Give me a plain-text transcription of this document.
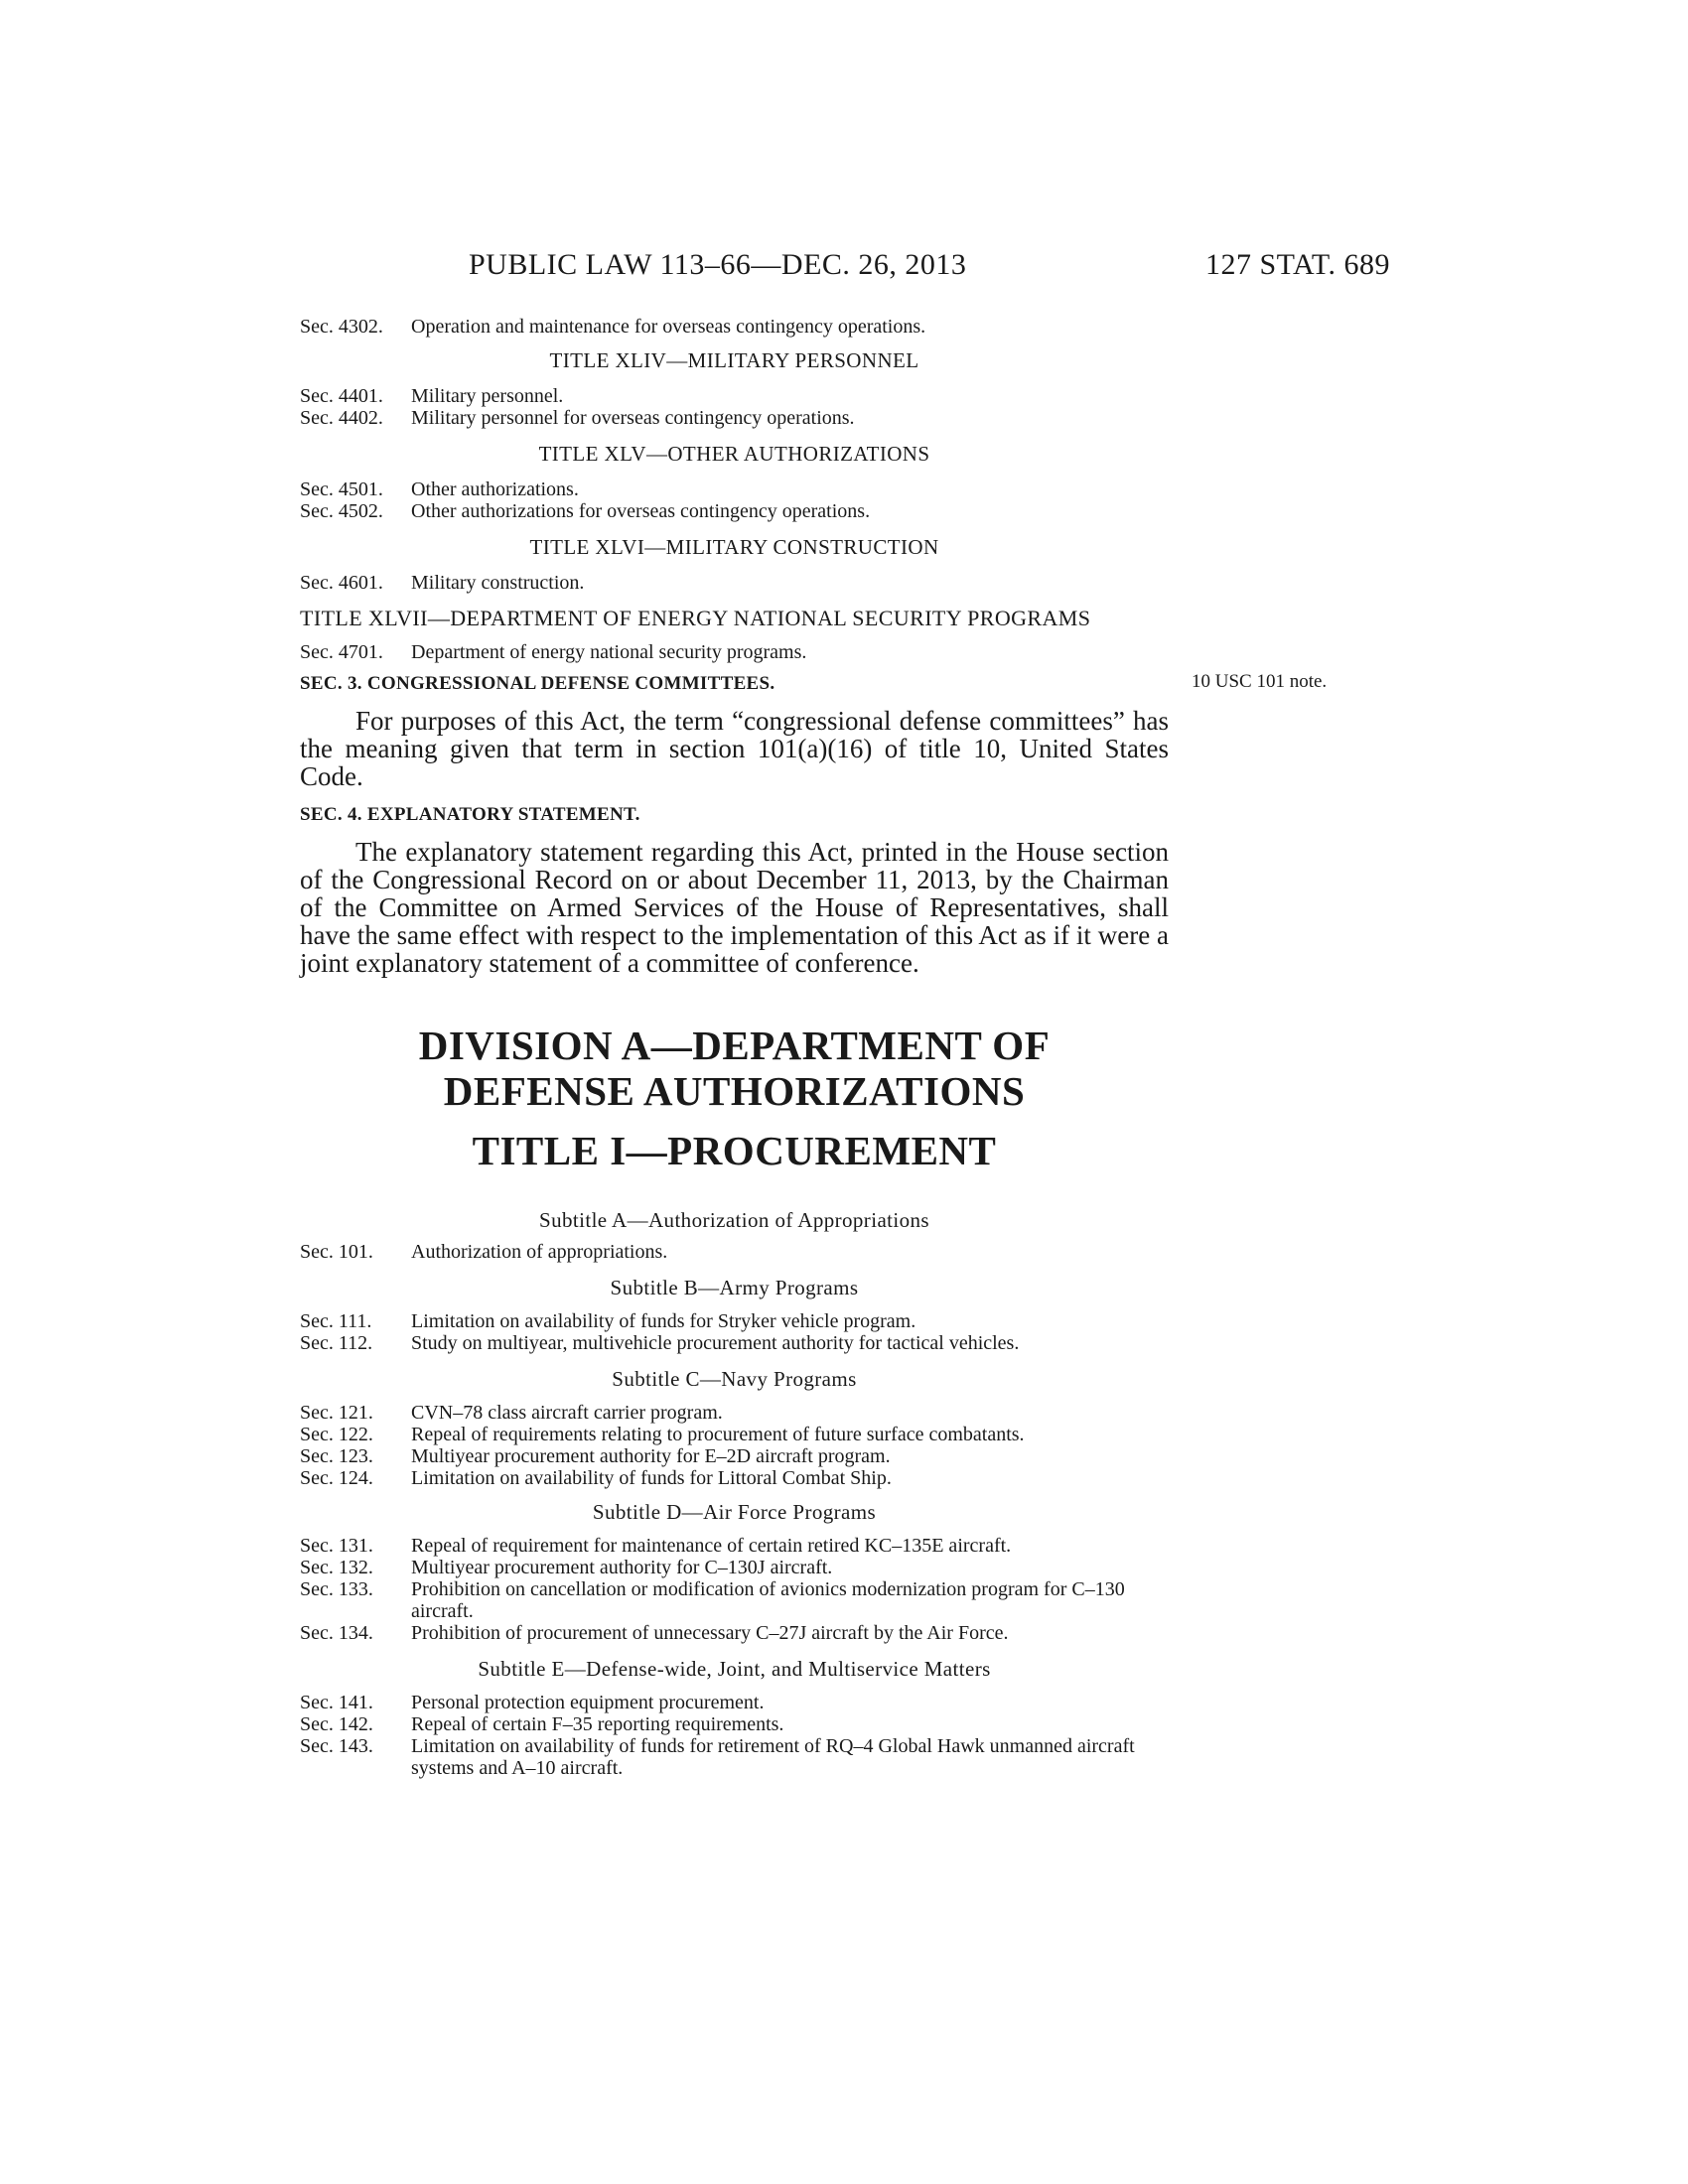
PUBLIC LAW 113–66—DEC. 26, 2013	127 STAT. 689
Sec. 4302.	Operation and maintenance for overseas contingency operations.
TITLE XLIV—MILITARY PERSONNEL
Sec. 4401.	Military personnel.
Sec. 4402.	Military personnel for overseas contingency operations.
TITLE XLV—OTHER AUTHORIZATIONS
Sec. 4501.	Other authorizations.
Sec. 4502.	Other authorizations for overseas contingency operations.
TITLE XLVI—MILITARY CONSTRUCTION
Sec. 4601.	Military construction.
TITLE XLVII—DEPARTMENT OF ENERGY NATIONAL SECURITY PROGRAMS
Sec. 4701.	Department of energy national security programs.
SEC. 3. CONGRESSIONAL DEFENSE COMMITTEES.	10 USC 101 note.

For purposes of this Act, the term “congressional defense committees” has the meaning given that term in section 101(a)(16) of title 10, United States Code.

SEC. 4. EXPLANATORY STATEMENT.

The explanatory statement regarding this Act, printed in the House section of the Congressional Record on or about December 11, 2013, by the Chairman of the Committee on Armed Services of the House of Representatives, shall have the same effect with respect to the implementation of this Act as if it were a joint explanatory statement of a committee of conference.

DIVISION A—DEPARTMENT OF
DEFENSE AUTHORIZATIONS
TITLE I—PROCUREMENT
Subtitle A—Authorization of Appropriations
Sec. 101.	Authorization of appropriations.
Subtitle B—Army Programs
Sec. 111.	Limitation on availability of funds for Stryker vehicle program.
Sec. 112.	Study on multiyear, multivehicle procurement authority for tactical vehicles.
Subtitle C—Navy Programs
Sec. 121.	CVN–78 class aircraft carrier program.
Sec. 122.	Repeal of requirements relating to procurement of future surface combatants.
Sec. 123.	Multiyear procurement authority for E–2D aircraft program.
Sec. 124.	Limitation on availability of funds for Littoral Combat Ship.
Subtitle D—Air Force Programs
Sec. 131.	Repeal of requirement for maintenance of certain retired KC–135E aircraft.
Sec. 132.	Multiyear procurement authority for C–130J aircraft.
Sec. 133.	Prohibition on cancellation or modification of avionics modernization program for C–130 aircraft.
Sec. 134.	Prohibition of procurement of unnecessary C–27J aircraft by the Air Force.
Subtitle E—Defense-wide, Joint, and Multiservice Matters
Sec. 141.	Personal protection equipment procurement.
Sec. 142.	Repeal of certain F–35 reporting requirements.
Sec. 143.	Limitation on availability of funds for retirement of RQ–4 Global Hawk unmanned aircraft systems and A–10 aircraft.
